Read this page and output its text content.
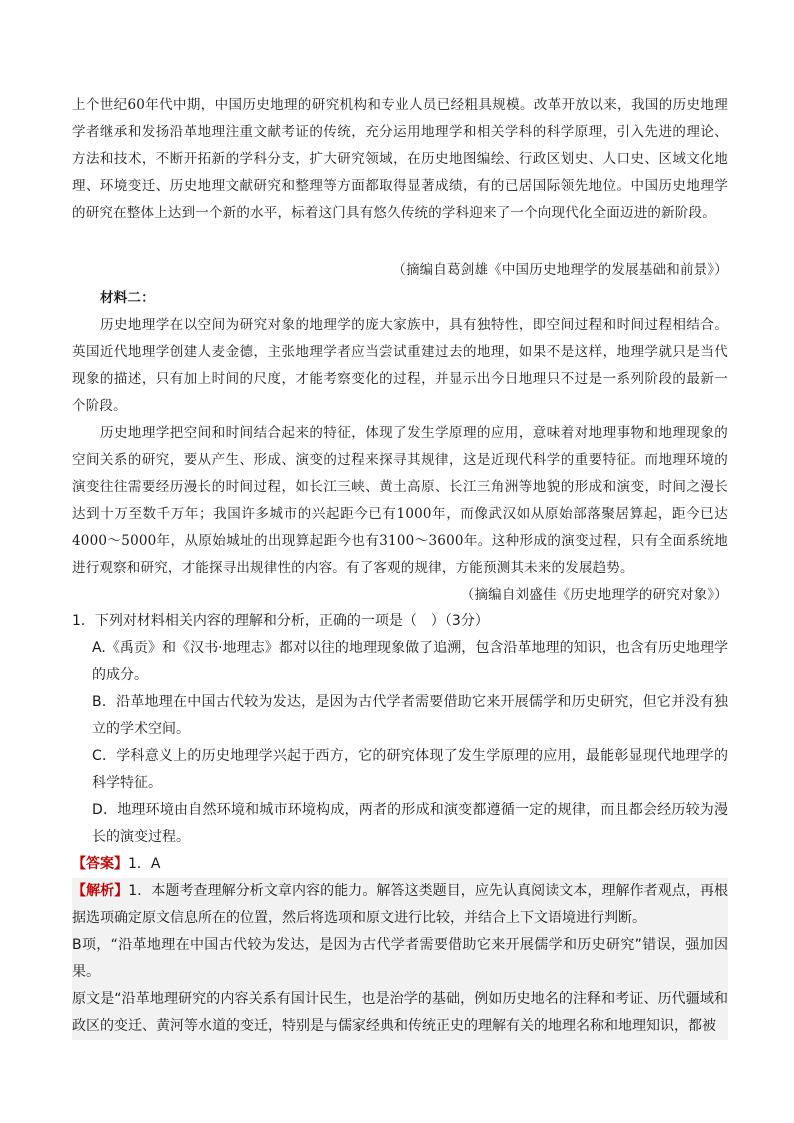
上个世纪60年代中期，中国历史地理的研究机构和专业人员已经粗具规模。改革开放以来，我国的历史地理学者继承和发扬沿革地理注重文献考证的传统，充分运用地理学和相关学科的科学原理，引入先进的理论、方法和技术，不断开拓新的学科分支，扩大研究领域，在历史地图编绘、行政区划史、人口史、区域文化地理、环境变迁、历史地理文献研究和整理等方面都取得显著成绩，有的已居国际领先地位。中国历史地理学的研究在整体上达到一个新的水平，标着这门具有悠久传统的学科迎来了一个向现代化全面迈进的新阶段。

（摘编自葛剑雄《中国历史地理学的发展基础和前景》）

材料二：

历史地理学在以空间为研究对象的地理学的庞大家族中，具有独特性，即空间过程和时间过程相结合。英国近代地理学创建人麦金德，主张地理学者应当尝试重建过去的地理，如果不是这样，地理学就只是当代现象的描述，只有加上时间的尺度，才能考察变化的过程，并显示出今日地理只不过是一系列阶段的最新一个阶段。

历史地理学把空间和时间结合起来的特征，体现了发生学原理的应用，意味着对地理事物和地理现象的空间关系的研究，要从产生、形成、演变的过程来探寻其规律，这是近现代科学的重要特征。而地理环境的演变往往需要经历漫长的时间过程，如长江三峡、黄土高原、长江三角洲等地貌的形成和演变，时间之漫长达到十万至数千万年；我国许多城市的兴起距今已有1000年，而像武汉如从原始部落聚居算起，距今已达4000～5000年，从原始城址的出现算起距今也有3100～3600年。这种形成的演变过程，只有全面系统地进行观察和研究，才能探寻出规律性的内容。有了客观的规律，方能预测其未来的发展趋势。

（摘编自刘盛佳《历史地理学的研究对象》）

1．下列对材料相关内容的理解和分析，正确的一项是（　）（3分）
A.《禹贡》和《汉书·地理志》都对以往的地理现象做了追溯，包含沿革地理的知识，也含有历史地理学的成分。
B．沿革地理在中国古代较为发达，是因为古代学者需要借助它来开展儒学和历史研究，但它并没有独立的学术空间。
C．学科意义上的历史地理学兴起于西方，它的研究体现了发生学原理的应用，最能彰显现代地理学的科学特征。
D．地理环境由自然环境和城市环境构成，两者的形成和演变都遵循一定的规律，而且都会经历较为漫长的演变过程。
【答案】1．A
【解析】1．本题考查理解分析文章内容的能力。解答这类题目，应先认真阅读文本，理解作者观点，再根据选项确定原文信息所在的位置，然后将选项和原文进行比较，并结合上下文语境进行判断。
B项，“沿革地理在中国古代较为发达，是因为古代学者需要借助它来开展儒学和历史研究”错误，强加因果。
原文是“沿革地理研究的内容关系有国计民生，也是治学的基础，例如历史地名的注释和考证、历代疆域和政区的变迁、黄河等水道的变迁，特别是与儒家经典和传统正史的理解有关的地理名称和地理知识，都被
